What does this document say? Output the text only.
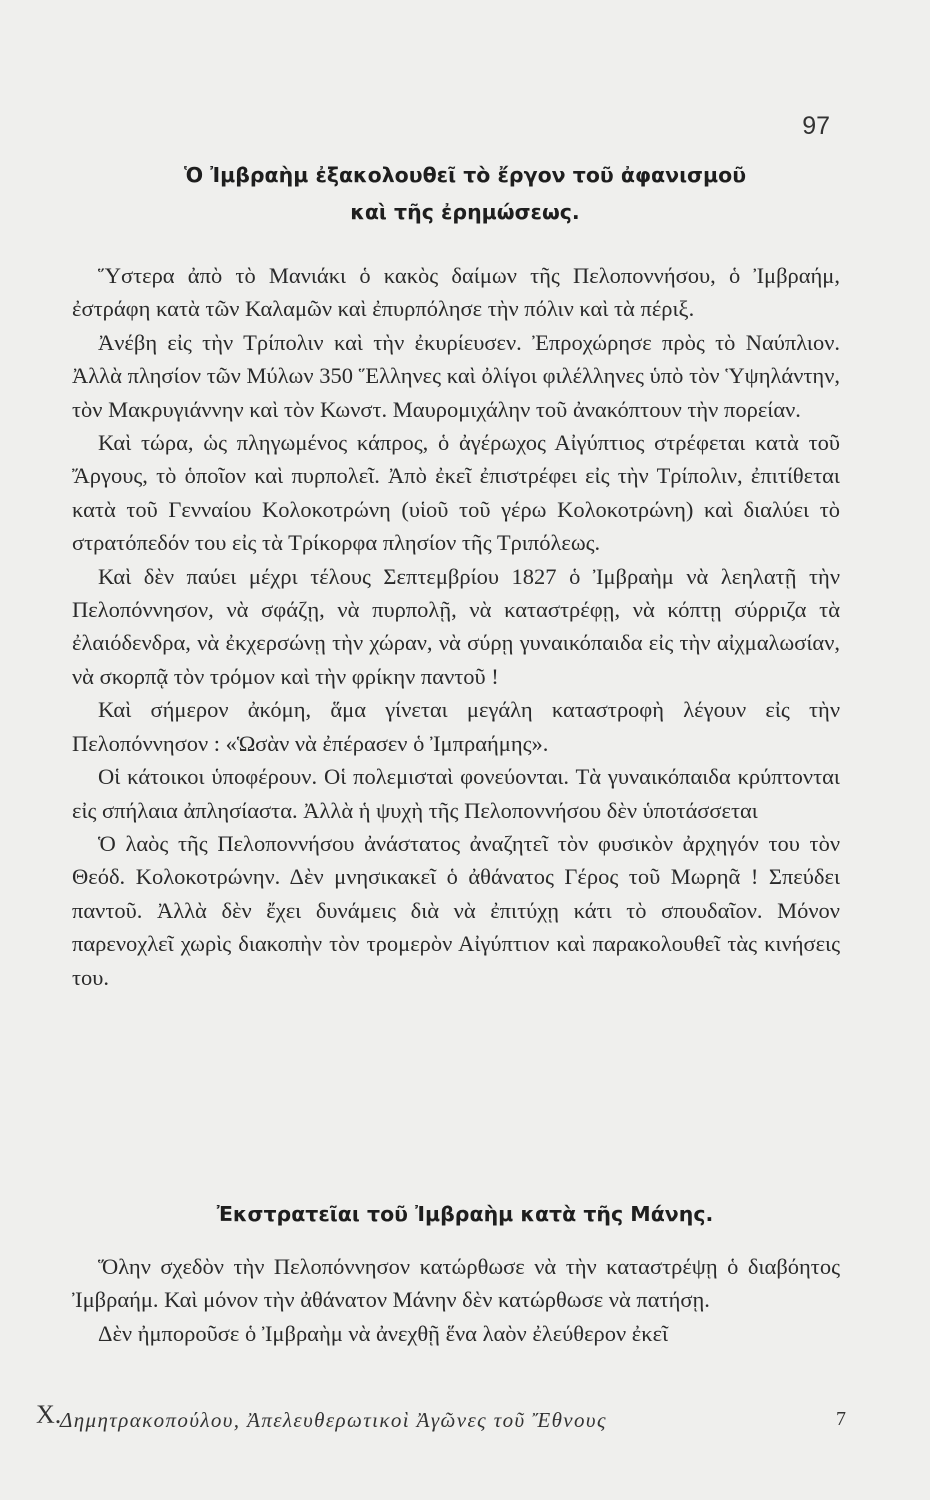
97
Ὁ Ἰμβραὴμ ἐξακολουθεῖ τὸ ἔργον τοῦ ἀφανισμοῦ
καὶ τῆς ἐρημώσεως.

Ὕστερα ἀπὸ τὸ Μανιάκι ὁ κακὸς δαίμων τῆς Πελοποννήσου, ὁ Ἰμβραήμ, ἐστράφη κατὰ τῶν Καλαμῶν καὶ ἐπυρπόλησε τὴν πόλιν καὶ τὰ πέριξ.

Ἀνέβη εἰς τὴν Τρίπολιν καὶ τὴν ἐκυρίευσεν. Ἐπροχώρησε πρὸς τὸ Ναύπλιον. Ἀλλὰ πλησίον τῶν Μύλων 350 Ἕλληνες καὶ ὀλίγοι φιλέλληνες ὑπὸ τὸν Ὑψηλάντην, τὸν Μακρυγιάννην καὶ τὸν Κωνστ. Μαυρομιχάλην τοῦ ἀνακόπτουν τὴν πορείαν.

Καὶ τώρα, ὡς πληγωμένος κάπρος, ὁ ἀγέρωχος Αἰγύπτιος στρέφεται κατὰ τοῦ Ἄργους, τὸ ὁποῖον καὶ πυρπολεῖ. Ἀπὸ ἐκεῖ ἐπιστρέφει εἰς τὴν Τρίπολιν, ἐπιτίθεται κατὰ τοῦ Γενναίου Κολοκοτρώνη (υἱοῦ τοῦ γέρω Κολοκοτρώνη) καὶ διαλύει τὸ στρατόπεδόν του εἰς τὰ Τρίκορφα πλησίον τῆς Τριπόλεως.

Καὶ δὲν παύει μέχρι τέλους Σεπτεμβρίου 1827 ὁ Ἰμβραὴμ νὰ λεηλατῇ τὴν Πελοπόννησον, νὰ σφάζῃ, νὰ πυρπολῇ, νὰ καταστρέφῃ, νὰ κόπτῃ σύρριζα τὰ ἐλαιόδενδρα, νὰ ἐκχερσώνῃ τὴν χώραν, νὰ σύρῃ γυναικόπαιδα εἰς τὴν αἰχμαλωσίαν, νὰ σκορπᾷ τὸν τρόμον καὶ τὴν φρίκην παντοῦ !

Καὶ σήμερον ἀκόμη, ἅμα γίνεται μεγάλη καταστροφὴ λέγουν εἰς τὴν Πελοπόννησον : «Ὡσὰν νὰ ἐπέρασεν ὁ Ἰμπραήμης».

Οἱ κάτοικοι ὑποφέρουν. Οἱ πολεμισταὶ φονεύονται. Τὰ γυναικόπαιδα κρύπτονται εἰς σπήλαια ἀπλησίαστα. Ἀλλὰ ἡ ψυχὴ τῆς Πελοποννήσου δὲν ὑποτάσσεται

Ὁ λαὸς τῆς Πελοποννήσου ἀνάστατος ἀναζητεῖ τὸν φυσικὸν ἀρχηγόν του τὸν Θεόδ. Κολοκοτρώνην. Δὲν μνησικακεῖ ὁ ἀθάνατος Γέρος τοῦ Μωρηᾶ ! Σπεύδει παντοῦ. Ἀλλὰ δὲν ἔχει δυνάμεις διὰ νὰ ἐπιτύχῃ κάτι τὸ σπουδαῖον. Μόνον παρενοχλεῖ χωρὶς διακοπὴν τὸν τρομερὸν Αἰγύπτιον καὶ παρακολουθεῖ τὰς κινήσεις του.

Ἐκστρατεῖαι τοῦ Ἰμβραὴμ κατὰ τῆς Μάνης.

Ὅλην σχεδὸν τὴν Πελοπόννησον κατώρθωσε νὰ τὴν καταστρέψῃ ὁ διαβόητος Ἰμβραήμ. Καὶ μόνον τὴν ἀθάνατον Μάνην δὲν κατώρθωσε νὰ πατήσῃ.

Δὲν ἠμποροῦσε ὁ Ἰμβραὴμ νὰ ἀνεχθῇ ἕνα λαὸν ἐλεύθερον ἐκεῖ

Χ.
Δημητρακοπούλου, Ἀπελευθερωτικοὶ Ἀγῶνες τοῦ Ἔθνους	7
